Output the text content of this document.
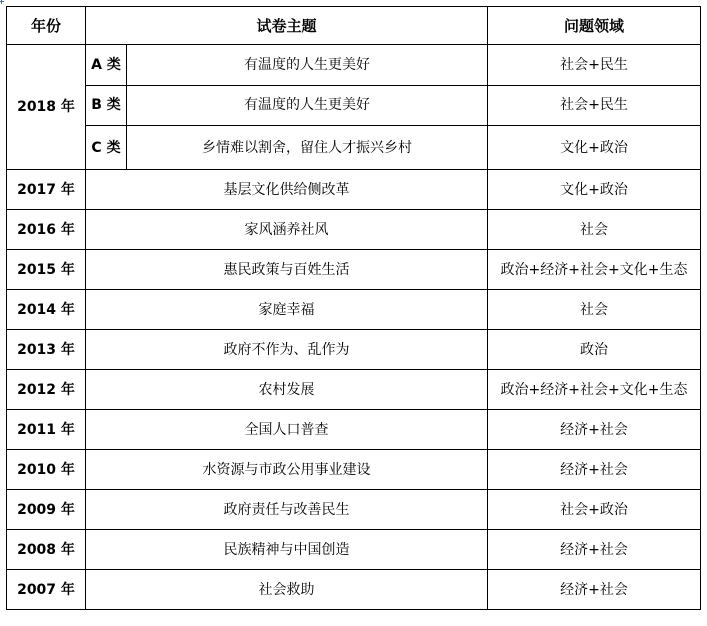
年份	试卷主题		问题领域
2018 年	A 类	有温度的人生更美好	社会+民生
	B 类	有温度的人生更美好	社会+民生
	C 类	乡情难以割舍，留住人才振兴乡村	文化+政治
2017 年	基层文化供给侧改革		文化+政治
2016 年	家风涵养社风		社会
2015 年	惠民政策与百姓生活		政治+经济+社会+文化+生态
2014 年	家庭幸福		社会
2013 年	政府不作为、乱作为		政治
2012 年	农村发展		政治+经济+社会+文化+生态
2011 年	全国人口普查		经济+社会
2010 年	水资源与市政公用事业建设		经济+社会
2009 年	政府责任与改善民生		社会+政治
2008 年	民族精神与中国创造		经济+社会
2007 年	社会救助		经济+社会
